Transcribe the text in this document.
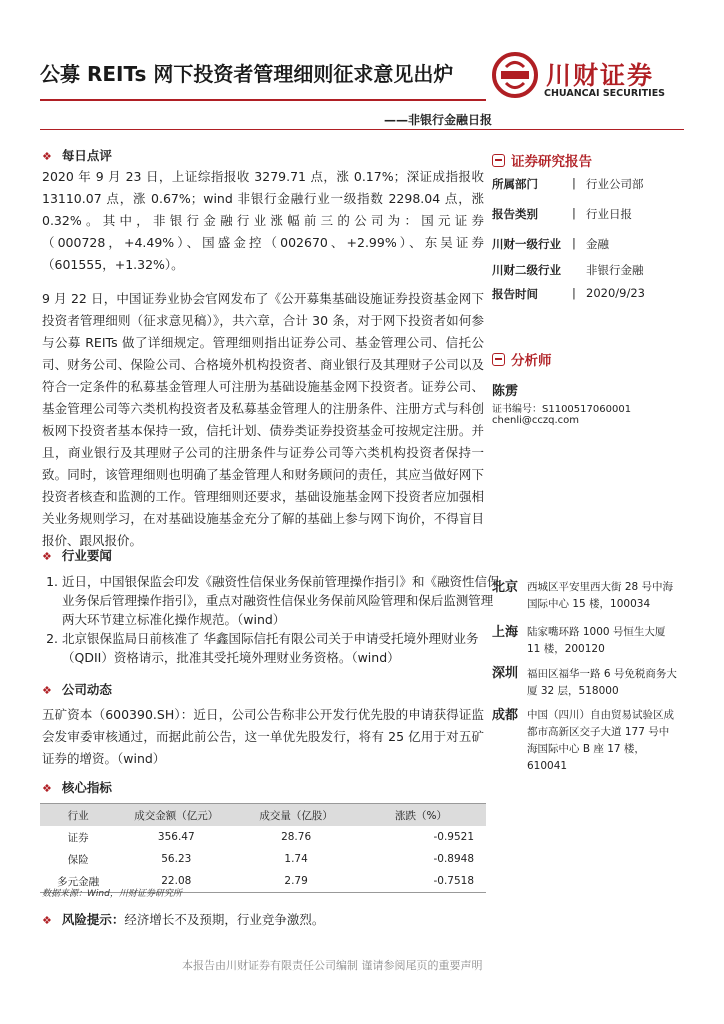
公募 REITs 网下投资者管理细则征求意见出炉	川财证券
CHUANCAI SECURITIES
——非银行金融日报
❖ 每日点评

2020 年 9 月 23 日，上证综指报收 3279.71 点，涨 0.17%；深证成指报收 13110.07 点，涨 0.67%；wind 非银行金融行业一级指数 2298.04 点，涨 0.32%。其中，非银行金融行业涨幅前三的公司为：国元证券（000728，+4.49%）、国盛金控（002670、+2.99%）、东吴证券（601555，+1.32%）。

9 月 22 日，中国证券业协会官网发布了《公开募集基础设施证券投资基金网下投资者管理细则（征求意见稿）》，共六章，合计 30 条，对于网下投资者如何参与公募 REITs 做了详细规定。管理细则指出证券公司、基金管理公司、信托公司、财务公司、保险公司、合格境外机构投资者、商业银行及其理财子公司以及符合一定条件的私募基金管理人可注册为基础设施基金网下投资者。证券公司、基金管理公司等六类机构投资者及私募基金管理人的注册条件、注册方式与科创板网下投资者基本保持一致，信托计划、债券类证券投资基金可按规定注册。并且，商业银行及其理财子公司的注册条件与证券公司等六类机构投资者保持一致。同时，该管理细则也明确了基金管理人和财务顾问的责任，其应当做好网下投资者核查和监测的工作。管理细则还要求，基础设施基金网下投资者应加强相关业务规则学习，在对基础设施基金充分了解的基础上参与网下询价，不得盲目报价、跟风报价。

❖ 行业要闻
1. 近日，中国银保监会印发《融资性信保业务保前管理操作指引》和《融资性信保业务保后管理操作指引》，重点对融资性信保业务保前风险管理和保后监测管理两大环节建立标准化操作规范。（wind）
2. 北京银保监局日前核准了 华鑫国际信托有限公司关于申请受托境外理财业务（QDII）资格请示，批准其受托境外理财业务资格。（wind）
❖ 公司动态
五矿资本（600390.SH）：近日，公司公告称非公开发行优先股的申请获得证监会发审委审核通过，而据此前公告，这一单优先股发行，将有 25 亿用于对五矿证券的增资。（wind）
❖ 核心指标
行业	成交金额（亿元）	成交量（亿股）	涨跌（%）
证券	356.47	28.76	-0.9521
保险	56.23	1.74	-0.8948
多元金融	22.08	2.79	-0.7518
数据来源：Wind，川财证券研究所
❖ 风险提示：经济增长不及预期，行业竞争激烈。
证券研究报告
所属部门	| 行业公司部
报告类别	| 行业日报
川财一级行业 | 金融
川财二级行业 非银行金融
报告时间	| 2020/9/23
分析师
陈雳
证书编号：S1100517060001
chenli@cczq.com
北京 西城区平安里西大街 28 号中海国际中心 15 楼，100034
上海 陆家嘴环路 1000 号恒生大厦 11 楼，200120
深圳 福田区福华一路 6 号免税商务大厦 32 层，518000
成都 中国（四川）自由贸易试验区成都市高新区交子大道 177 号中海国际中心 B 座 17 楼，610041
本报告由川财证券有限责任公司编制 谨请参阅尾页的重要声明
